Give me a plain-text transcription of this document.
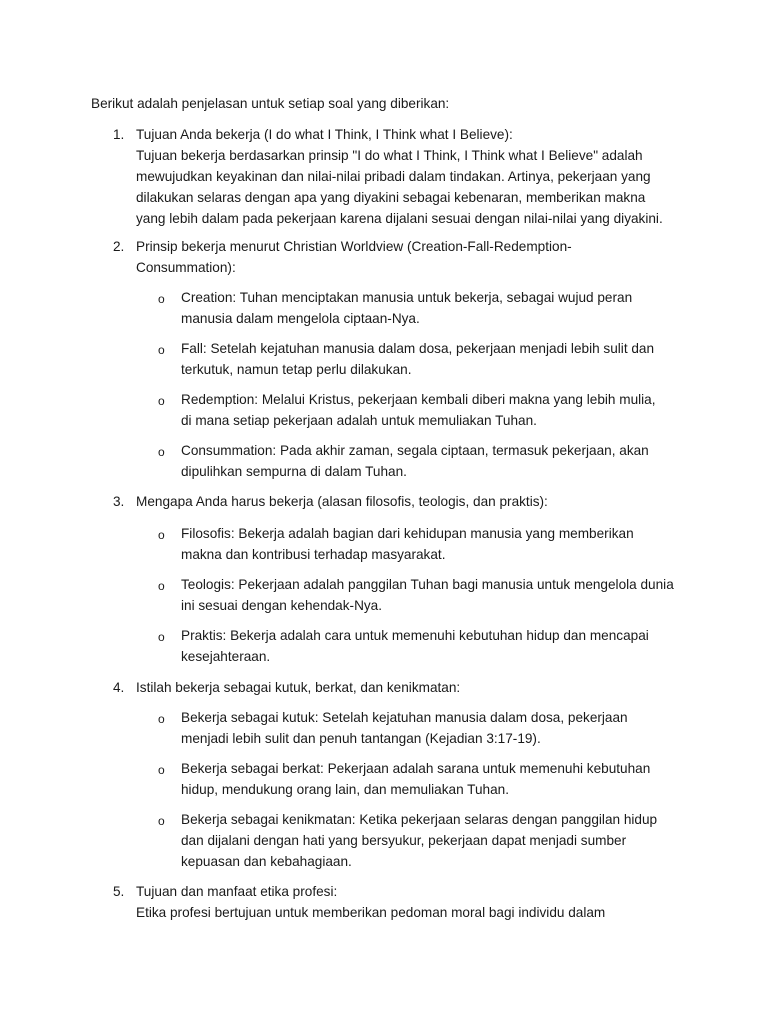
Berikut adalah penjelasan untuk setiap soal yang diberikan:

1. Tujuan Anda bekerja (I do what I Think, I Think what I Believe):
Tujuan bekerja berdasarkan prinsip "I do what I Think, I Think what I Believe" adalah
mewujudkan keyakinan dan nilai-nilai pribadi dalam tindakan. Artinya, pekerjaan yang
dilakukan selaras dengan apa yang diyakini sebagai kebenaran, memberikan makna
yang lebih dalam pada pekerjaan karena dijalani sesuai dengan nilai-nilai yang diyakini.

2. Prinsip bekerja menurut Christian Worldview (Creation-Fall-Redemption-
Consummation):

o Creation: Tuhan menciptakan manusia untuk bekerja, sebagai wujud peran
manusia dalam mengelola ciptaan-Nya.

o Fall: Setelah kejatuhan manusia dalam dosa, pekerjaan menjadi lebih sulit dan
terkutuk, namun tetap perlu dilakukan.

o Redemption: Melalui Kristus, pekerjaan kembali diberi makna yang lebih mulia,
di mana setiap pekerjaan adalah untuk memuliakan Tuhan.

o Consummation: Pada akhir zaman, segala ciptaan, termasuk pekerjaan, akan
dipulihkan sempurna di dalam Tuhan.

3. Mengapa Anda harus bekerja (alasan filosofis, teologis, dan praktis):

o Filosofis: Bekerja adalah bagian dari kehidupan manusia yang memberikan
makna dan kontribusi terhadap masyarakat.

o Teologis: Pekerjaan adalah panggilan Tuhan bagi manusia untuk mengelola dunia
ini sesuai dengan kehendak-Nya.

o Praktis: Bekerja adalah cara untuk memenuhi kebutuhan hidup dan mencapai
kesejahteraan.

4. Istilah bekerja sebagai kutuk, berkat, dan kenikmatan:

o Bekerja sebagai kutuk: Setelah kejatuhan manusia dalam dosa, pekerjaan
menjadi lebih sulit dan penuh tantangan (Kejadian 3:17-19).

o Bekerja sebagai berkat: Pekerjaan adalah sarana untuk memenuhi kebutuhan
hidup, mendukung orang lain, dan memuliakan Tuhan.

o Bekerja sebagai kenikmatan: Ketika pekerjaan selaras dengan panggilan hidup
dan dijalani dengan hati yang bersyukur, pekerjaan dapat menjadi sumber
kepuasan dan kebahagiaan.

5. Tujuan dan manfaat etika profesi:
Etika profesi bertujuan untuk memberikan pedoman moral bagi individu dalam
